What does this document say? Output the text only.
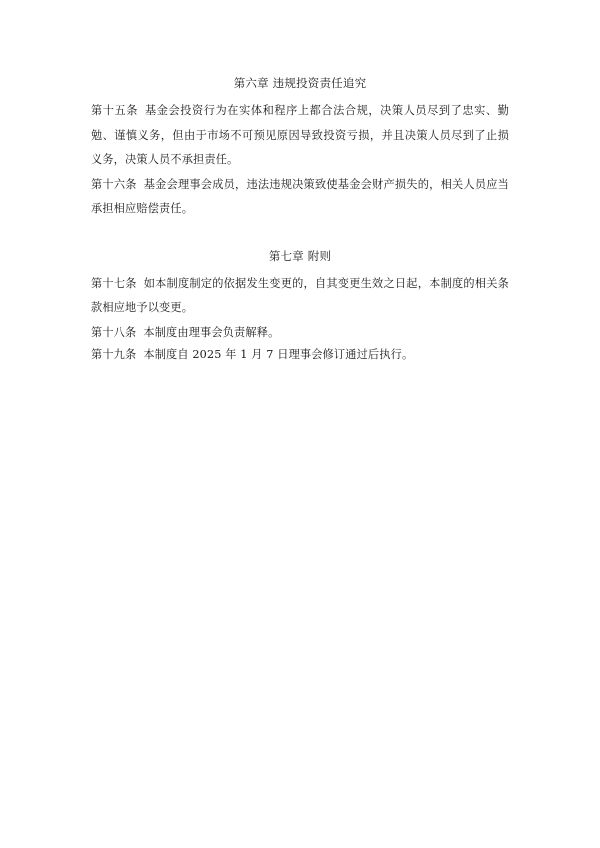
第六章 违规投资责任追究

第十五条 基金会投资行为在实体和程序上都合法合规，决策人员尽到了忠实、勤勉、谨慎义务，但由于市场不可预见原因导致投资亏损，并且决策人员尽到了止损义务，决策人员不承担责任。

第十六条 基金会理事会成员，违法违规决策致使基金会财产损失的，相关人员应当承担相应赔偿责任。

第七章 附则

第十七条 如本制度制定的依据发生变更的，自其变更生效之日起，本制度的相关条款相应地予以变更。

第十八条 本制度由理事会负责解释。

第十九条 本制度自 2025 年 1 月 7 日理事会修订通过后执行。
